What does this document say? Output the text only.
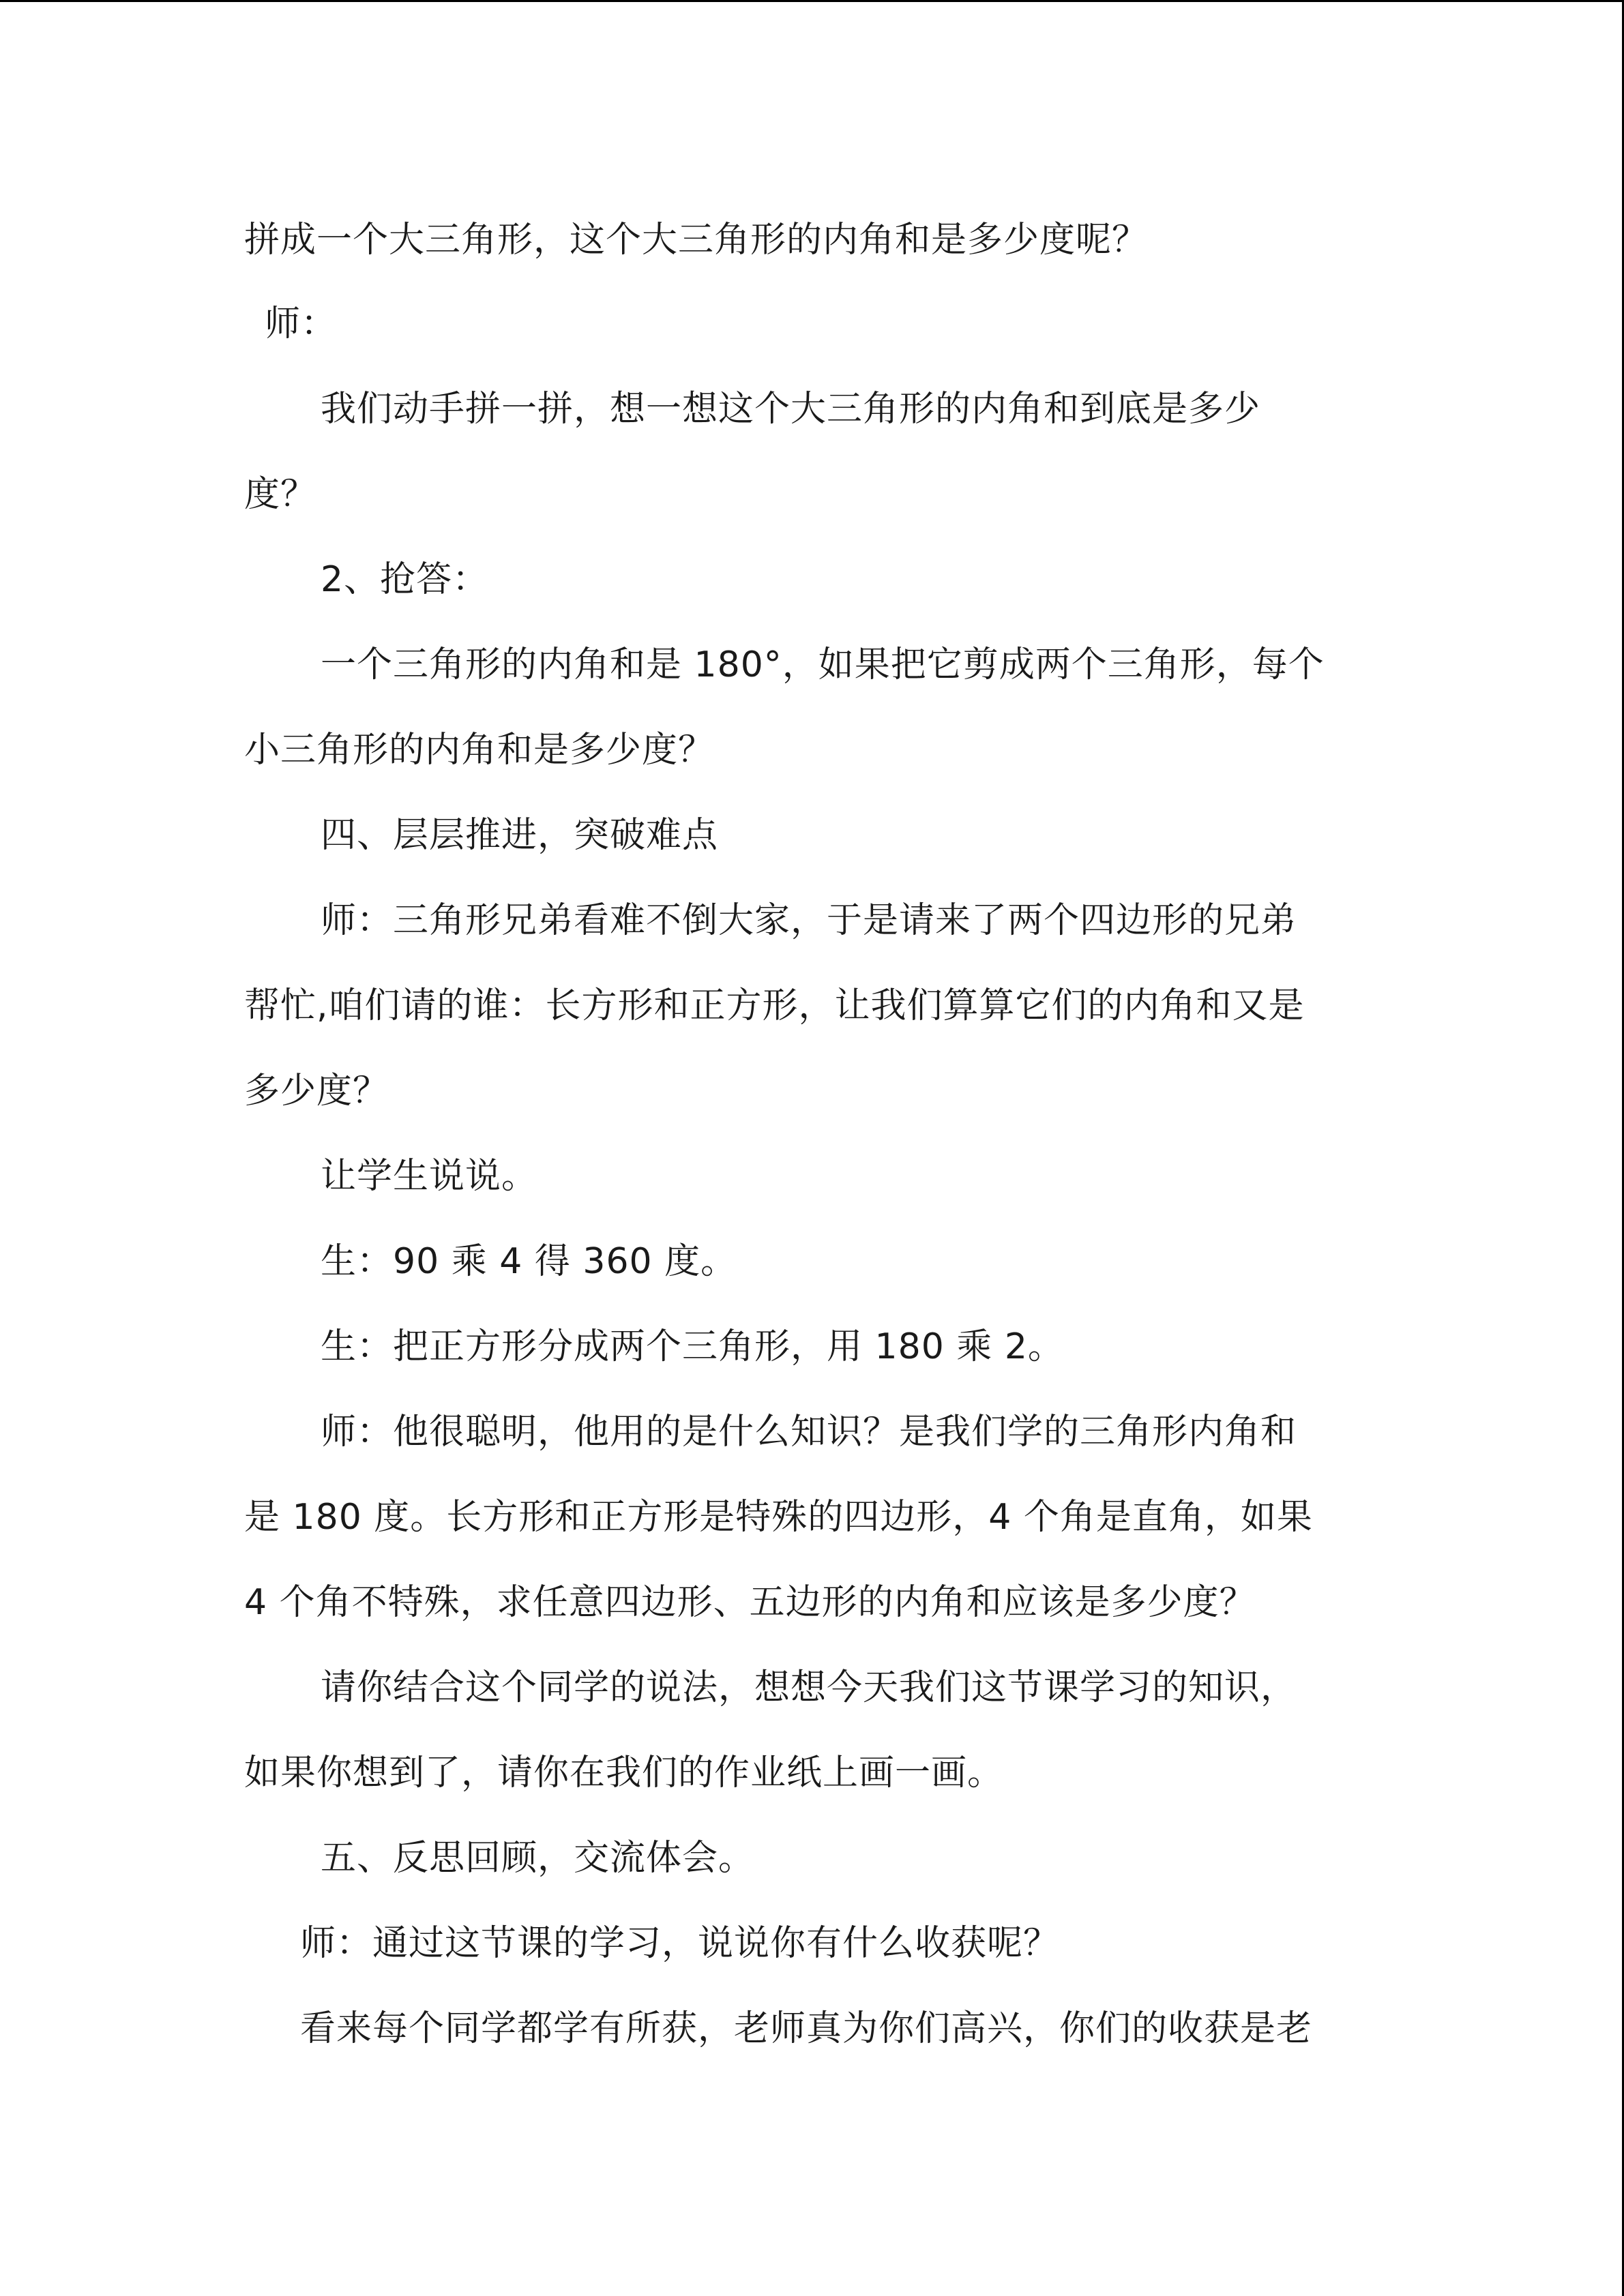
拼成一个大三角形，这个大三角形的内角和是多少度呢？
师：
我们动手拼一拼，想一想这个大三角形的内角和到底是多少
度？
2、抢答：
一个三角形的内角和是 180°，如果把它剪成两个三角形，每个
小三角形的内角和是多少度？
四、层层推进，突破难点
师：三角形兄弟看难不倒大家，于是请来了两个四边形的兄弟
帮忙,咱们请的谁：长方形和正方形，让我们算算它们的内角和又是
多少度？
让学生说说。
生：90 乘 4 得 360 度。
生：把正方形分成两个三角形，用 180 乘 2。
师：他很聪明，他用的是什么知识？是我们学的三角形内角和
是 180 度。长方形和正方形是特殊的四边形，4 个角是直角，如果
4 个角不特殊，求任意四边形、五边形的内角和应该是多少度？
请你结合这个同学的说法，想想今天我们这节课学习的知识，
如果你想到了，请你在我们的作业纸上画一画。
五、反思回顾，交流体会。
师：通过这节课的学习，说说你有什么收获呢？
看来每个同学都学有所获，老师真为你们高兴，你们的收获是老
